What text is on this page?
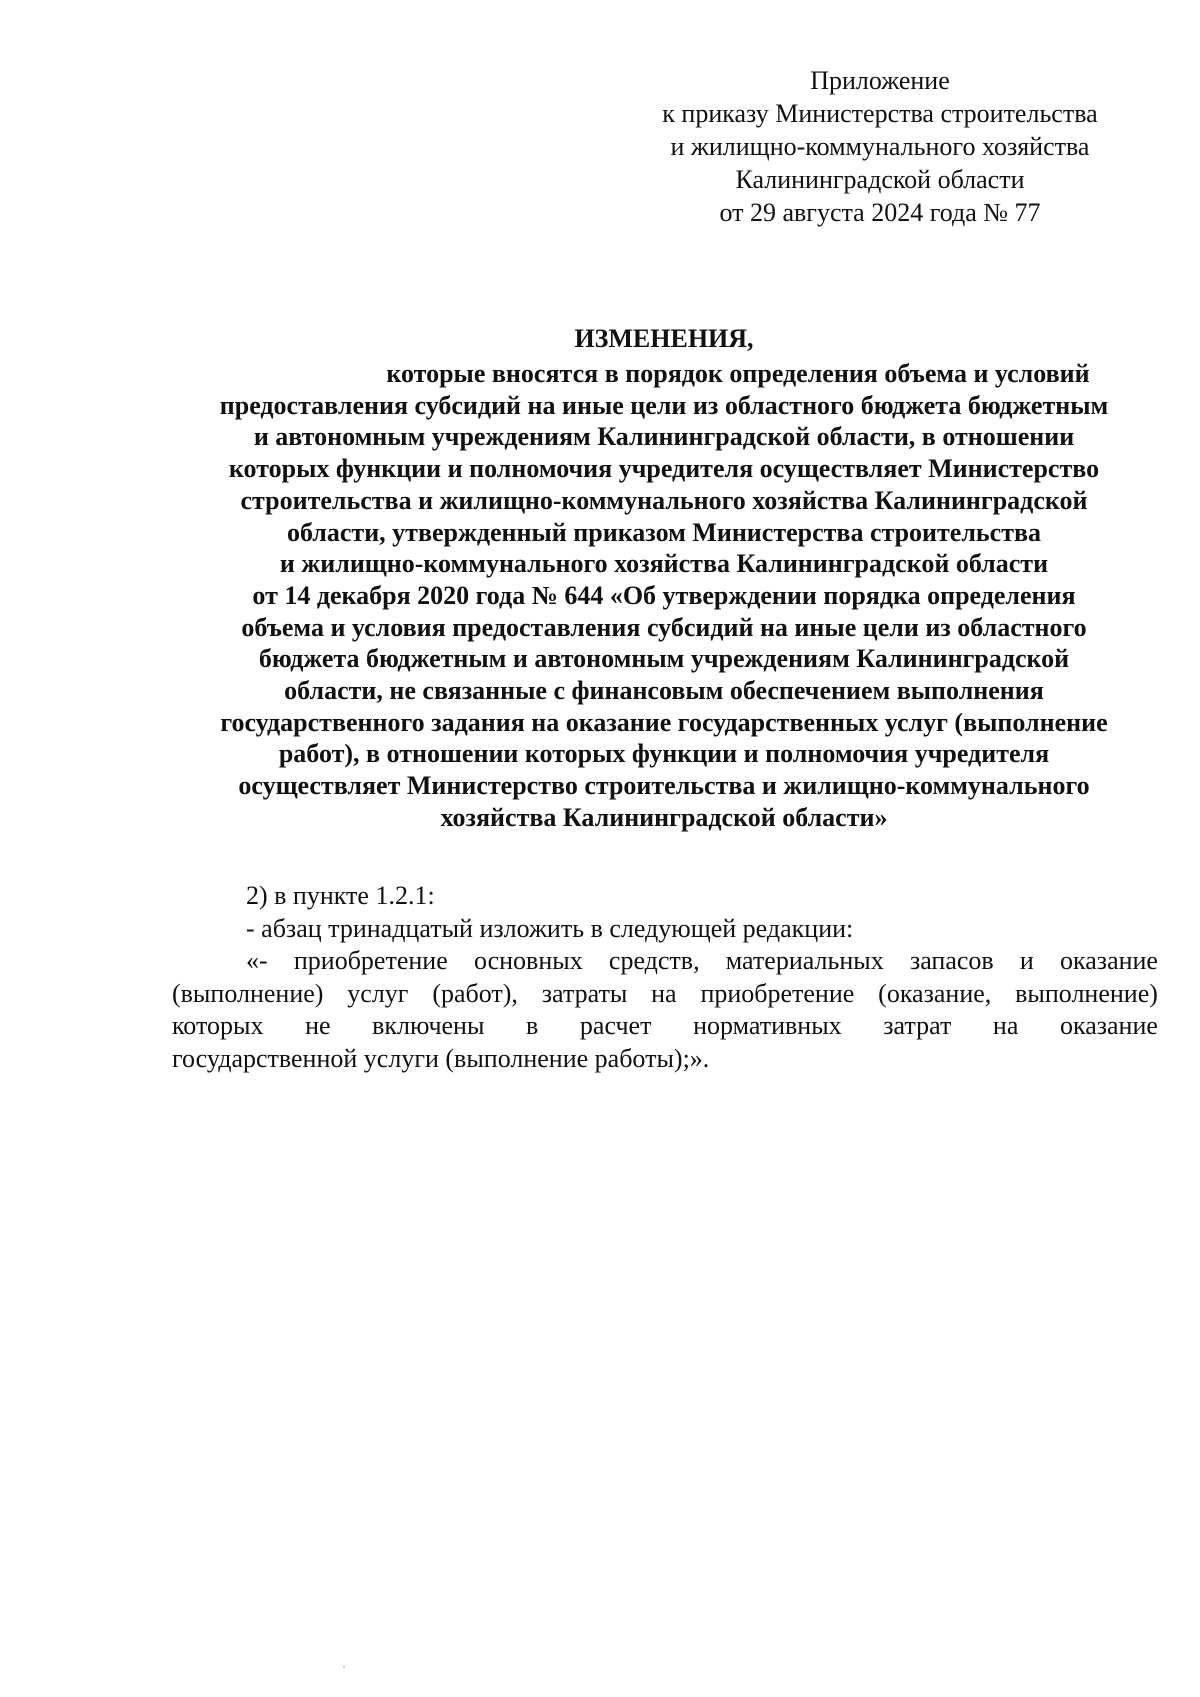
Приложение
к приказу Министерства строительства
и жилищно-коммунального хозяйства
Калининградской области
от 29 августа 2024 года № 77
ИЗМЕНЕНИЯ,
которые вносятся в порядок определения объема и условий
предоставления субсидий на иные цели из областного бюджета бюджетным
и автономным учреждениям Калининградской области, в отношении
которых функции и полномочия учредителя осуществляет Министерство
строительства и жилищно-коммунального хозяйства Калининградской
области, утвержденный приказом Министерства строительства
и жилищно-коммунального хозяйства Калининградской области
от 14 декабря 2020 года № 644 «Об утверждении порядка определения
объема и условия предоставления субсидий на иные цели из областного
бюджета бюджетным и автономным учреждениям Калининградской
области, не связанные с финансовым обеспечением выполнения
государственного задания на оказание государственных услуг (выполнение
работ), в отношении которых функции и полномочия учредителя
осуществляет Министерство строительства и жилищно-коммунального
хозяйства Калининградской области»
2) в пункте 1.2.1:
- абзац тринадцатый изложить в следующей редакции:
«- приобретение основных средств, материальных запасов и оказание
(выполнение) услуг (работ), затраты на приобретение (оказание, выполнение)
которых не включены в расчет нормативных затрат на оказание
государственной услуги (выполнение работы);».
